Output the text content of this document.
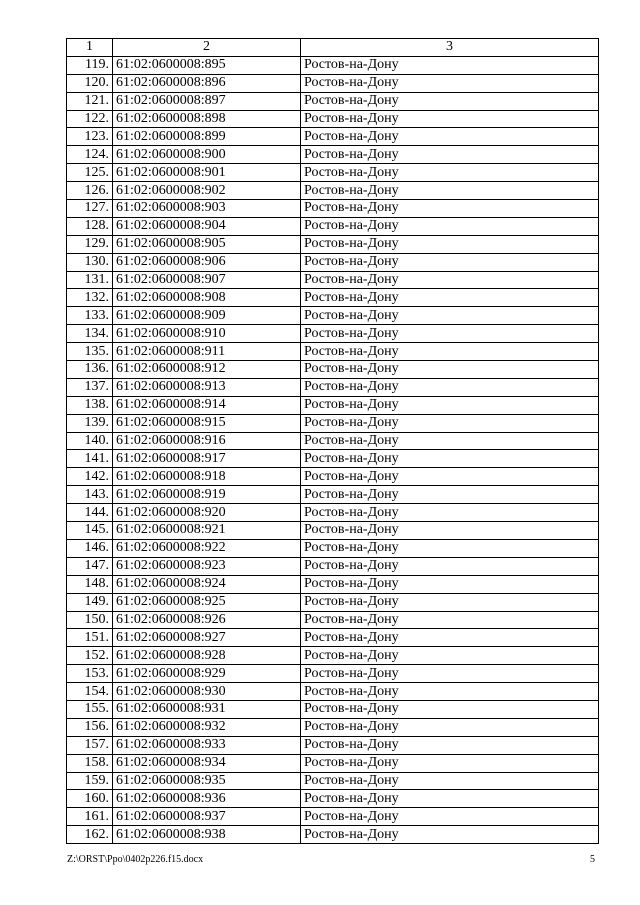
1	2	3
119.	61:02:0600008:895	Ростов-на-Дону
120.	61:02:0600008:896	Ростов-на-Дону
121.	61:02:0600008:897	Ростов-на-Дону
122.	61:02:0600008:898	Ростов-на-Дону
123.	61:02:0600008:899	Ростов-на-Дону
124.	61:02:0600008:900	Ростов-на-Дону
125.	61:02:0600008:901	Ростов-на-Дону
126.	61:02:0600008:902	Ростов-на-Дону
127.	61:02:0600008:903	Ростов-на-Дону
128.	61:02:0600008:904	Ростов-на-Дону
129.	61:02:0600008:905	Ростов-на-Дону
130.	61:02:0600008:906	Ростов-на-Дону
131.	61:02:0600008:907	Ростов-на-Дону
132.	61:02:0600008:908	Ростов-на-Дону
133.	61:02:0600008:909	Ростов-на-Дону
134.	61:02:0600008:910	Ростов-на-Дону
135.	61:02:0600008:911	Ростов-на-Дону
136.	61:02:0600008:912	Ростов-на-Дону
137.	61:02:0600008:913	Ростов-на-Дону
138.	61:02:0600008:914	Ростов-на-Дону
139.	61:02:0600008:915	Ростов-на-Дону
140.	61:02:0600008:916	Ростов-на-Дону
141.	61:02:0600008:917	Ростов-на-Дону
142.	61:02:0600008:918	Ростов-на-Дону
143.	61:02:0600008:919	Ростов-на-Дону
144.	61:02:0600008:920	Ростов-на-Дону
145.	61:02:0600008:921	Ростов-на-Дону
146.	61:02:0600008:922	Ростов-на-Дону
147.	61:02:0600008:923	Ростов-на-Дону
148.	61:02:0600008:924	Ростов-на-Дону
149.	61:02:0600008:925	Ростов-на-Дону
150.	61:02:0600008:926	Ростов-на-Дону
151.	61:02:0600008:927	Ростов-на-Дону
152.	61:02:0600008:928	Ростов-на-Дону
153.	61:02:0600008:929	Ростов-на-Дону
154.	61:02:0600008:930	Ростов-на-Дону
155.	61:02:0600008:931	Ростов-на-Дону
156.	61:02:0600008:932	Ростов-на-Дону
157.	61:02:0600008:933	Ростов-на-Дону
158.	61:02:0600008:934	Ростов-на-Дону
159.	61:02:0600008:935	Ростов-на-Дону
160.	61:02:0600008:936	Ростов-на-Дону
161.	61:02:0600008:937	Ростов-на-Дону
162.	61:02:0600008:938	Ростов-на-Дону
Z:\ORST\Ppo\0402p226.f15.docx	5
